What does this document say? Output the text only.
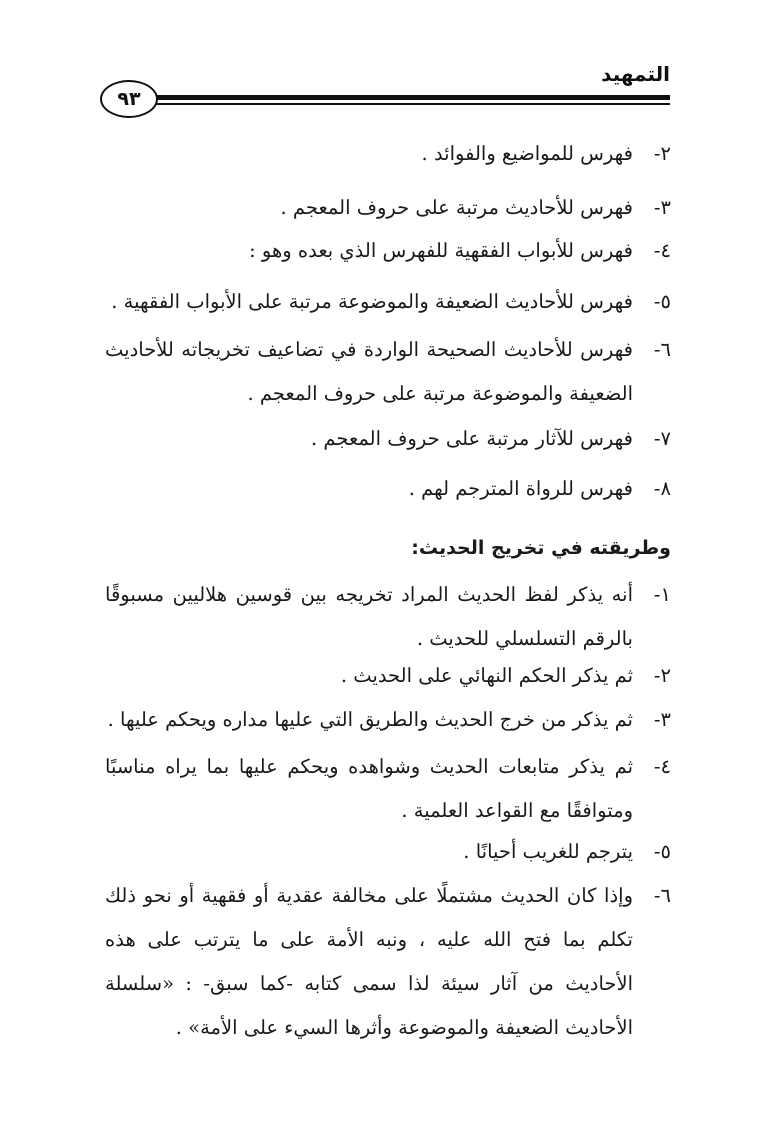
التمهيد
٩٣

٢-
فهرس للمواضيع والفوائد .

٣-
فهرس للأحاديث مرتبة على حروف المعجم .

٤-
فهرس للأبواب الفقهية للفهرس الذي بعده وهو :

٥-
فهرس للأحاديث الضعيفة والموضوعة مرتبة على الأبواب الفقهية .

٦-
فهرس للأحاديث الصحيحة الواردة في تضاعيف تخريجاته للأحاديث الضعيفة والموضوعة مرتبة على حروف المعجم .

٧-
فهرس للآثار مرتبة على حروف المعجم .

٨-
فهرس للرواة المترجم لهم .

وطريقته في تخريج الحديث:

١-
أنه يذكر لفظ الحديث المراد تخريجه بين قوسين هلاليين مسبوقًا بالرقم التسلسلي للحديث .

٢-
ثم يذكر الحكم النهائي على الحديث .

٣-
ثم يذكر من خرج الحديث والطريق التي عليها مداره ويحكم عليها .

٤-
ثم يذكر متابعات الحديث وشواهده ويحكم عليها بما يراه مناسبًا ومتوافقًا مع القواعد العلمية .

٥-
يترجم للغريب أحيانًا .

٦-
وإذا كان الحديث مشتملًا على مخالفة عقدية أو فقهية أو نحو ذلك تكلم بما فتح الله عليه ، ونبه الأمة على ما يترتب على هذه الأحاديث من آثار سيئة لذا سمى كتابه -كما سبق- : «سلسلة الأحاديث الضعيفة والموضوعة وأثرها السيء على الأمة» .
